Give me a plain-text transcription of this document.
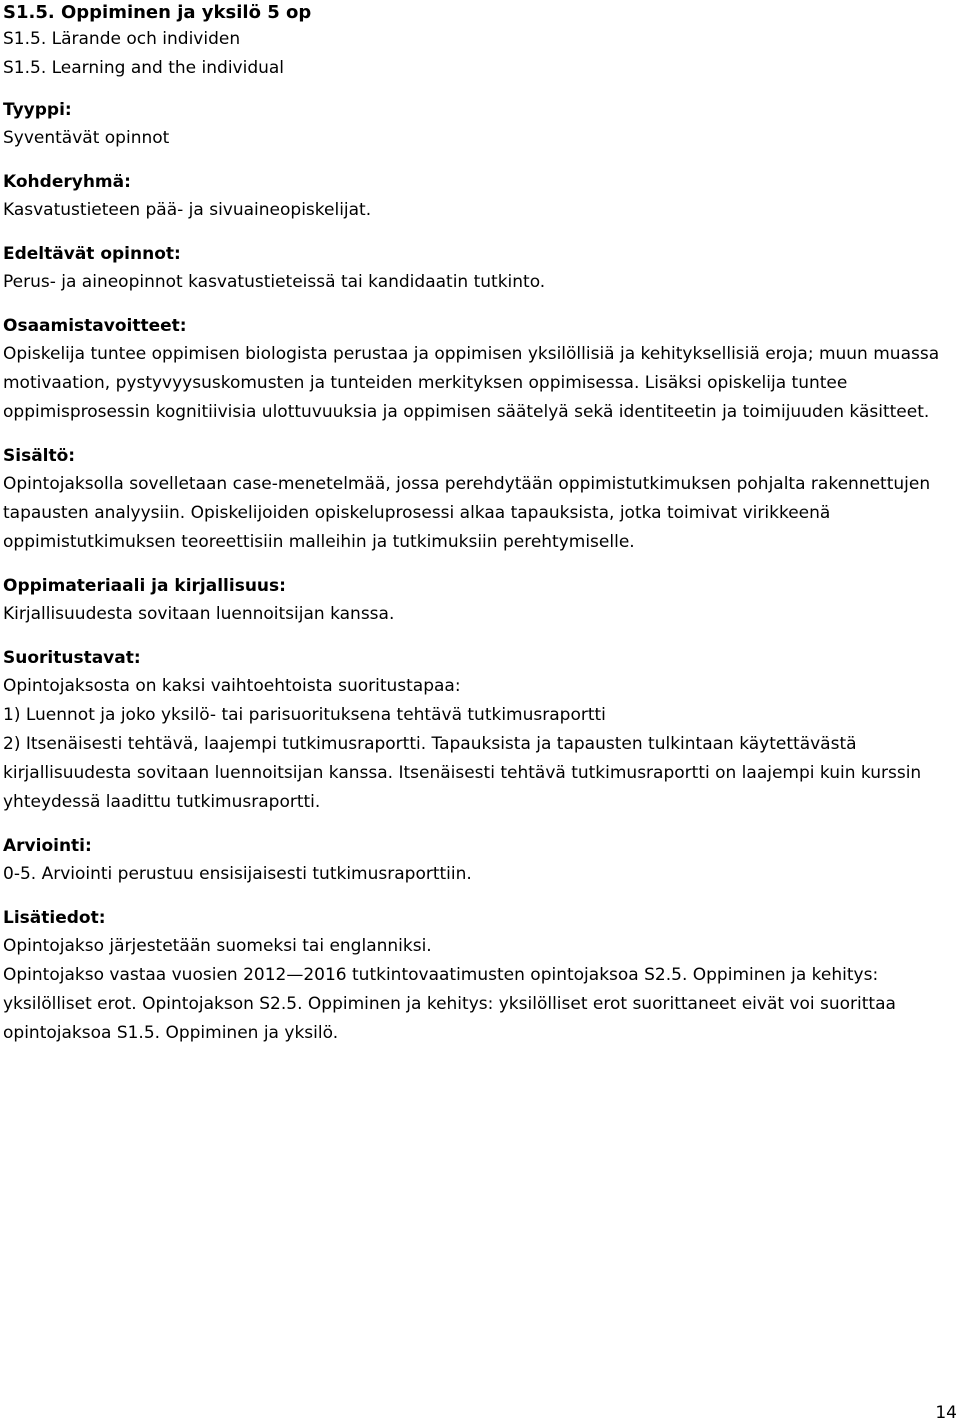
S1.5. Oppiminen ja yksilö 5 op
S1.5. Lärande och individen
S1.5. Learning and the individual
Tyyppi:
Syventävät opinnot
Kohderyhmä:
Kasvatustieteen pää- ja sivuaineopiskelijat.
Edeltävät opinnot:
Perus- ja aineopinnot kasvatustieteissä tai kandidaatin tutkinto.
Osaamistavoitteet:
Opiskelija tuntee oppimisen biologista perustaa ja oppimisen yksilöllisiä ja kehityksellisiä eroja; muun muassa motivaation, pystyvyysuskomusten ja tunteiden merkityksen oppimisessa. Lisäksi opiskelija tuntee oppimisprosessin kognitiivisia ulottuvuuksia ja oppimisen säätelyä sekä identiteetin ja toimijuuden käsitteet.
Sisältö:
Opintojaksolla sovelletaan case-menetelmää, jossa perehdytään oppimistutkimuksen pohjalta rakennettujen tapausten analyysiin. Opiskelijoiden opiskeluprosessi alkaa tapauksista, jotka toimivat virikkeenä oppimistutkimuksen teoreettisiin malleihin ja tutkimuksiin perehtymiselle.
Oppimateriaali ja kirjallisuus:
Kirjallisuudesta sovitaan luennoitsijan kanssa.
Suoritustavat:
Opintojaksosta on kaksi vaihtoehtoista suoritustapaa:
1) Luennot ja joko yksilö- tai parisuorituksena tehtävä tutkimusraportti
2) Itsenäisesti tehtävä, laajempi tutkimusraportti. Tapauksista ja tapausten tulkintaan käytettävästä kirjallisuudesta sovitaan luennoitsijan kanssa. Itsenäisesti tehtävä tutkimusraportti on laajempi kuin kurssin yhteydessä laadittu tutkimusraportti.
Arviointi:
0-5. Arviointi perustuu ensisijaisesti tutkimusraporttiin.
Lisätiedot:
Opintojakso järjestetään suomeksi tai englanniksi.
Opintojakso vastaa vuosien 2012—2016 tutkintovaatimusten opintojaksoa S2.5. Oppiminen ja kehitys: yksilölliset erot. Opintojakson S2.5. Oppiminen ja kehitys: yksilölliset erot suorittaneet eivät voi suorittaa opintojaksoa S1.5. Oppiminen ja yksilö.
14
